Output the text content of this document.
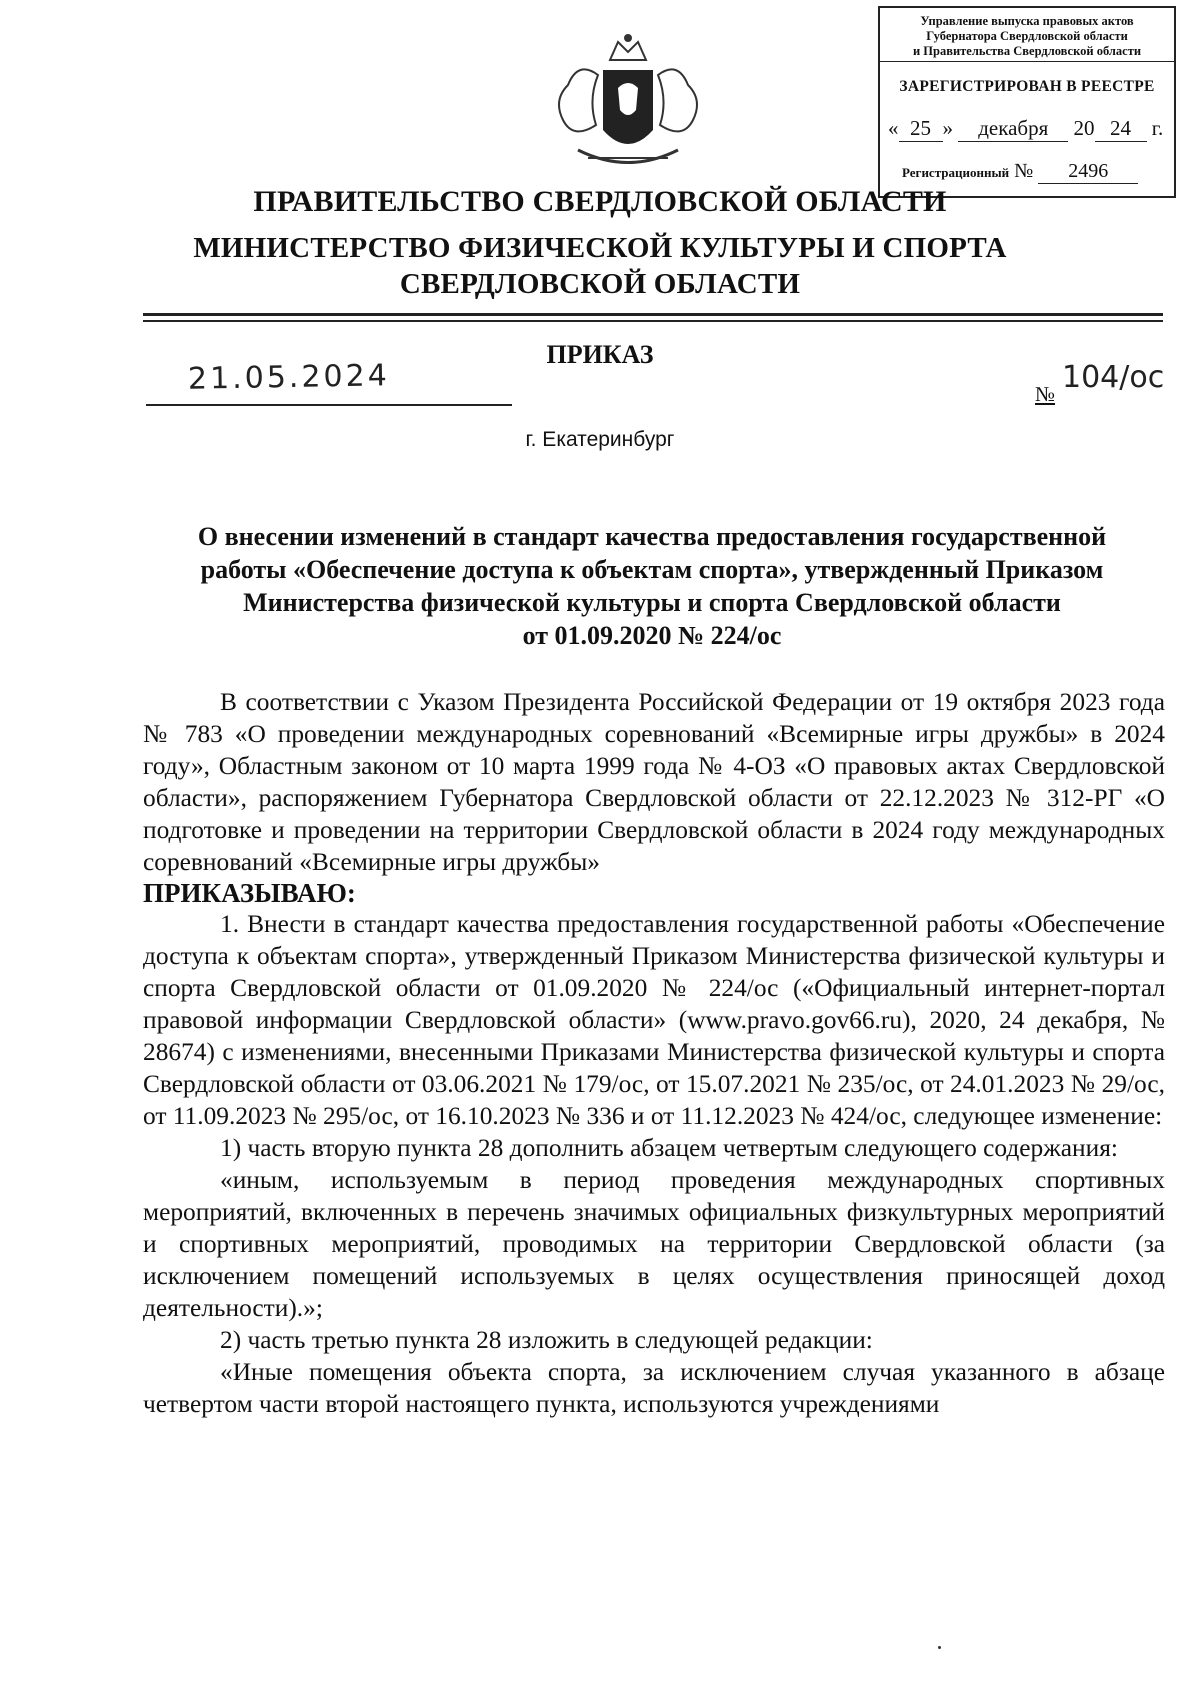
Управление выпуска правовых актов
Губернатора Свердловской области
и Правительства Свердловской области
ЗАРЕГИСТРИРОВАН В РЕЕСТРЕ
« 25 » декабря 20 24 г.
Регистрационный № 2496
ПРАВИТЕЛЬСТВО СВЕРДЛОВСКОЙ ОБЛАСТИ
МИНИСТЕРСТВО ФИЗИЧЕСКОЙ КУЛЬТУРЫ И СПОРТА
СВЕРДЛОВСКОЙ ОБЛАСТИ
ПРИКАЗ
21.05.2024	№ 104/ос
г. Екатеринбург
О внесении изменений в стандарт качества предоставления государственной
работы «Обеспечение доступа к объектам спорта», утвержденный Приказом
Министерства физической культуры и спорта Свердловской области
от 01.09.2020 № 224/ос

В соответствии с Указом Президента Российской Федерации от 19 октября 2023 года № 783 «О проведении международных соревнований «Всемирные игры дружбы» в 2024 году», Областным законом от 10 марта 1999 года № 4-ОЗ «О правовых актах Свердловской области», распоряжением Губернатора Свердловской области от 22.12.2023 № 312-РГ «О подготовке и проведении на территории Свердловской области в 2024 году международных соревнований «Всемирные игры дружбы»

ПРИКАЗЫВАЮ:

1. Внести в стандарт качества предоставления государственной работы «Обеспечение доступа к объектам спорта», утвержденный Приказом Министерства физической культуры и спорта Свердловской области от 01.09.2020 № 224/ос («Официальный интернет-портал правовой информации Свердловской области» (www.pravo.gov66.ru), 2020, 24 декабря, № 28674) с изменениями, внесенными Приказами Министерства физической культуры и спорта Свердловской области от 03.06.2021 № 179/ос, от 15.07.2021 № 235/ос, от 24.01.2023 № 29/ос, от 11.09.2023 № 295/ос, от 16.10.2023 № 336 и от 11.12.2023 № 424/ос, следующее изменение:

1) часть вторую пункта 28 дополнить абзацем четвертым следующего содержания:

«иным, используемым в период проведения международных спортивных мероприятий, включенных в перечень значимых официальных физкультурных мероприятий и спортивных мероприятий, проводимых на территории Свердловской области (за исключением помещений используемых в целях осуществления приносящей доход деятельности).»;

2) часть третью пункта 28 изложить в следующей редакции:

«Иные помещения объекта спорта, за исключением случая указанного в абзаце четвертом части второй настоящего пункта, используются учреждениями
